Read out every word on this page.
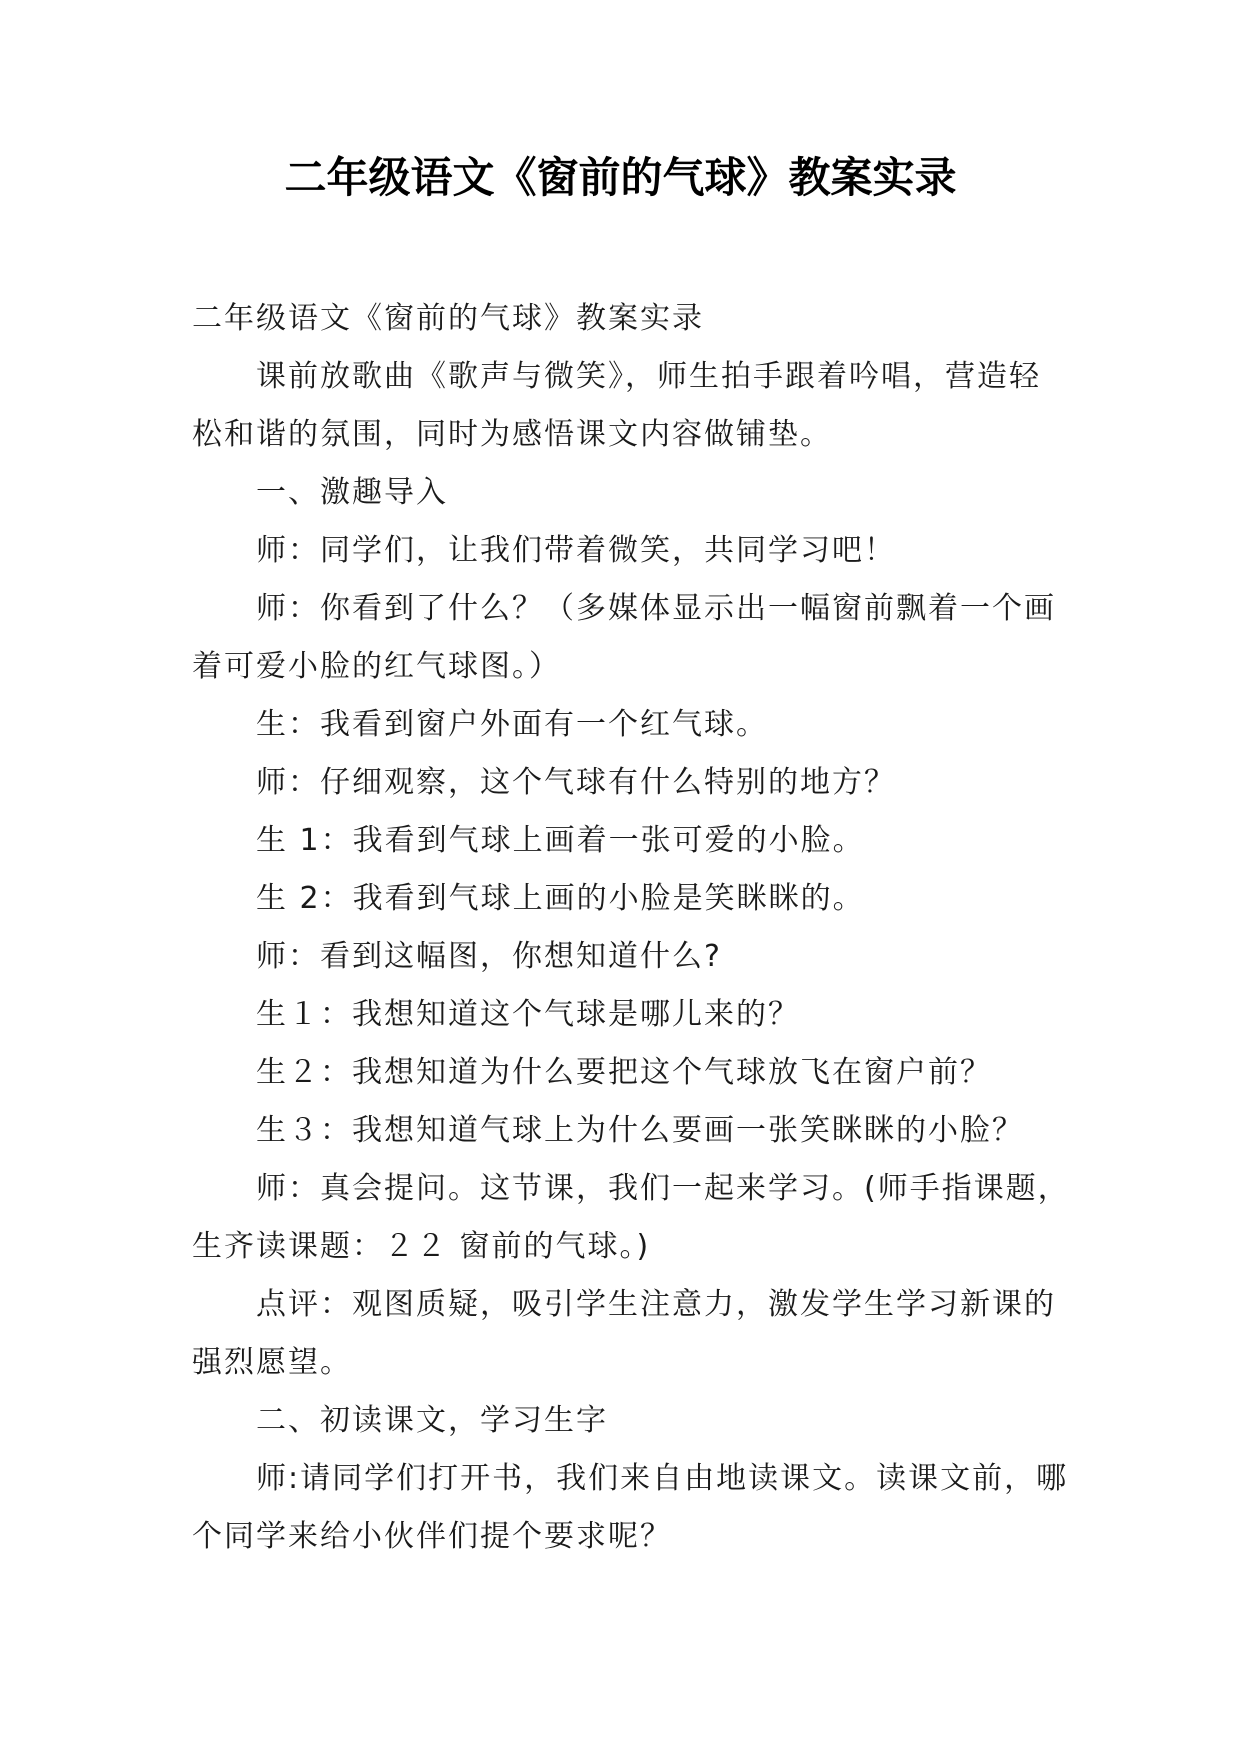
二年级语文《窗前的气球》教案实录

二年级语文《窗前的气球》教案实录

课前放歌曲《歌声与微笑》，师生拍手跟着吟唱，营造轻松和谐的氛围，同时为感悟课文内容做铺垫。

一、激趣导入

师：同学们，让我们带着微笑，共同学习吧！

师：你看到了什么？（多媒体显示出一幅窗前飘着一个画着可爱小脸的红气球图。）

生：我看到窗户外面有一个红气球。

师：仔细观察，这个气球有什么特别的地方？

生 1：我看到气球上画着一张可爱的小脸。

生 2：我看到气球上画的小脸是笑眯眯的。

师：看到这幅图，你想知道什么?

生１：我想知道这个气球是哪儿来的？

生２：我想知道为什么要把这个气球放飞在窗户前？

生３：我想知道气球上为什么要画一张笑眯眯的小脸？

师：真会提问。这节课，我们一起来学习。(师手指课题，生齐读课题：２２ 窗前的气球。)

点评：观图质疑，吸引学生注意力，激发学生学习新课的强烈愿望。

二、初读课文，学习生字

师:请同学们打开书，我们来自由地读课文。读课文前，哪个同学来给小伙伴们提个要求呢？
